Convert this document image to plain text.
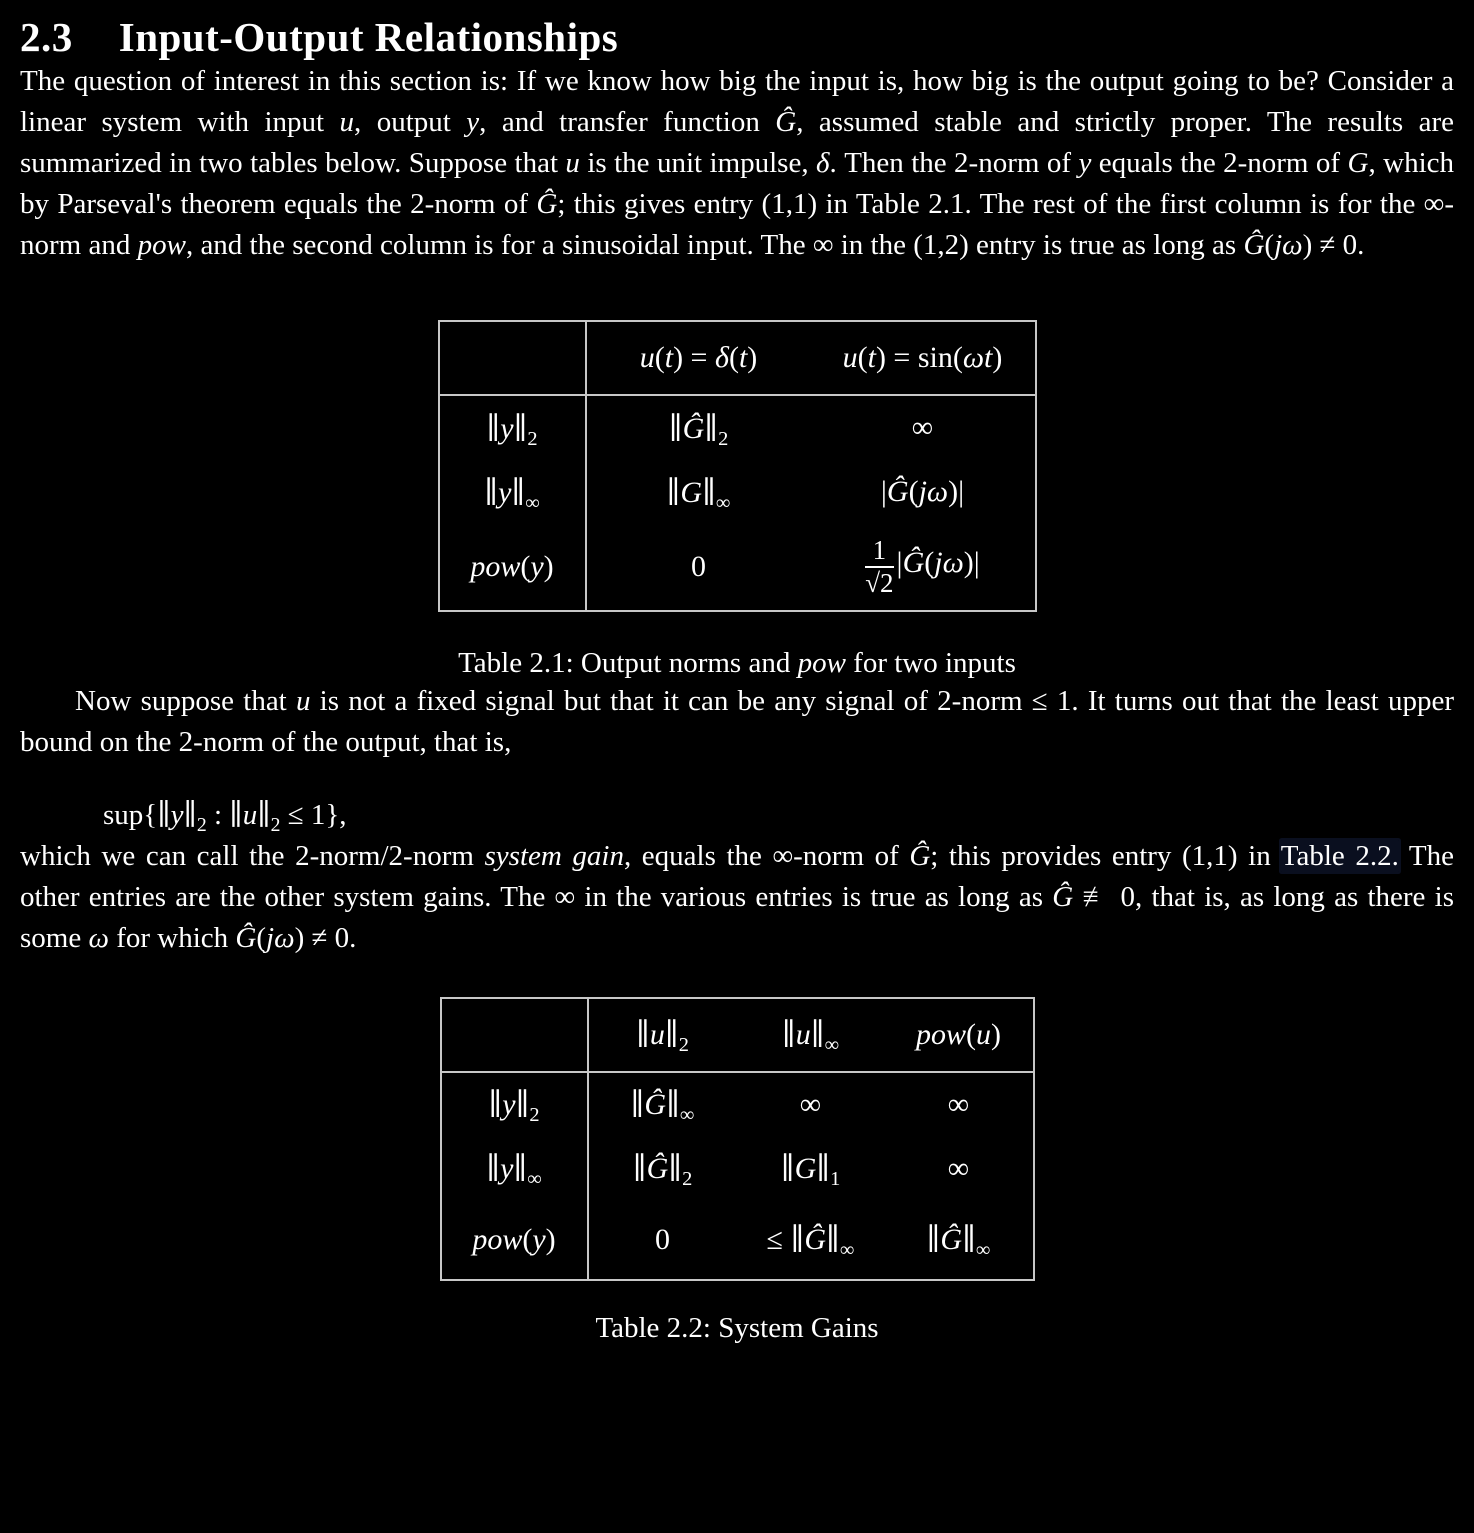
2.3 Input-Output Relationships

The question of interest in this section is: If we know how big the input is, how big is the output going to be? Consider a linear system with input u, output y, and transfer function Ĝ, assumed stable and strictly proper. The results are summarized in two tables below. Suppose that u is the unit impulse, δ. Then the 2-norm of y equals the 2-norm of G, which by Parseval's theorem equals the 2-norm of Ĝ; this gives entry (1,1) in Table 2.1. The rest of the first column is for the ∞-norm and pow, and the second column is for a sinusoidal input. The ∞ in the (1,2) entry is true as long as Ĝ(jω) ≠ 0.

	u(t) = δ(t)	u(t) = sin(ωt)
$\parallel y\parallel_2$	$\parallel Ĝ\parallel_2$	∞
$\parallel y\parallel_\infty$	$\parallel G\parallel_\infty$	|Ĝ(jω)|
pow(y)	0	$\frac{1}{√2}$ |Ĝ(jω)|

Table 2.1: Output norms and pow for two inputs

Now suppose that u is not a fixed signal but that it can be any signal of 2-norm ≤ 1. It turns out that the least upper bound on the 2-norm of the output, that is,

$sup\{\parallel y\parallel_2$ : $\parallel u\parallel_2 \le 1$},

which we can call the 2-norm/2-norm system gain, equals the ∞-norm of Ĝ; this provides entry (1,1) in Table 2.2. The other entries are the other system gains. The ∞ in the various entries is true as long as Ĝ ≢ 0, that is, as long as there is some ω for which Ĝ(jω) ≠ 0.

	$\parallel u\parallel_2$	$\parallel u\parallel_\infty$	pow(u)
$\parallel y\parallel_2$	$\parallel Ĝ\parallel_\infty$	∞	∞
$\parallel y\parallel_\infty$	$\parallel Ĝ\parallel_2$	$\parallel G\parallel_1$	∞
pow(y)	0	≤ $\parallel Ĝ\parallel_\infty$	$\parallel Ĝ\parallel_\infty$

Table 2.2: System Gains
